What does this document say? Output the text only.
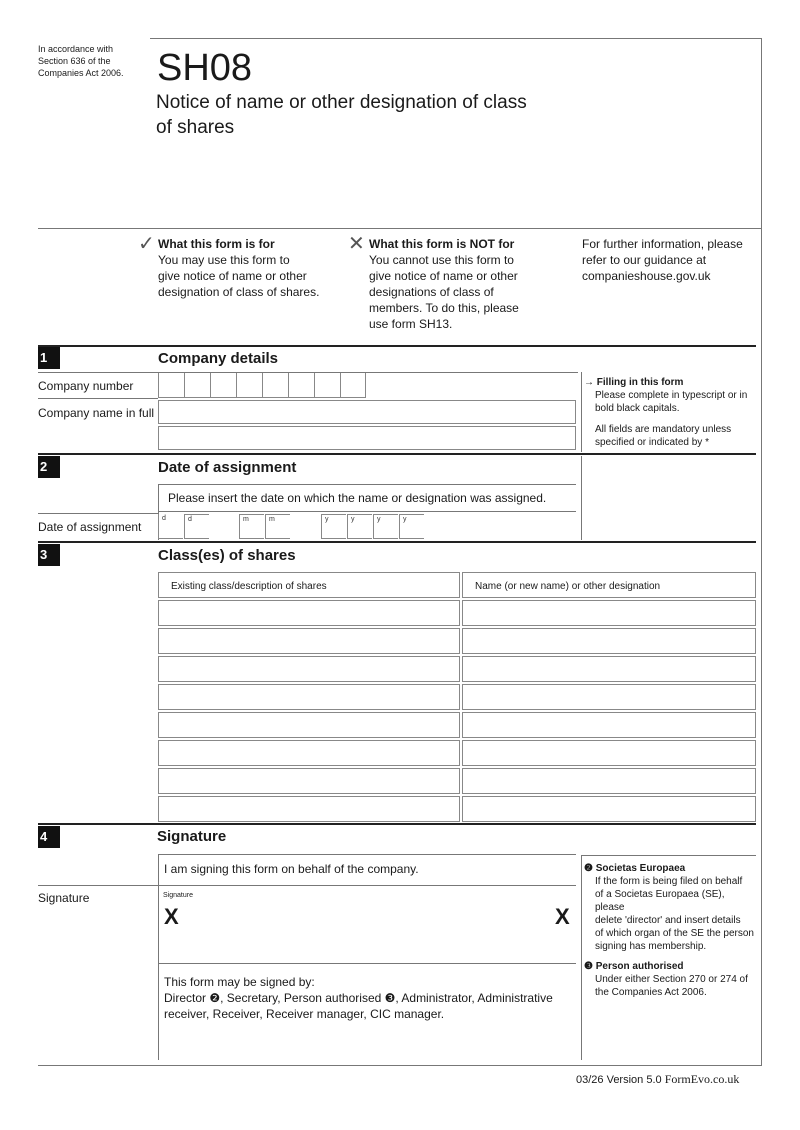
In accordance with
Section 636 of the
Companies Act 2006. SH08
Notice of name or other designation of class
of shares
✓ What this form is for
You may use this form to
give notice of name or other
designation of class of shares.
✕ What this form is NOT for
You cannot use this form to
give notice of name or other
designations of class of
members. To do this, please
use form SH13.
For further information, please
refer to our guidance at
companieshouse.gov.uk
1	Company details
Company number
Company name in full
→ Filling in this form
Please complete in typescript or in
bold black capitals.
All fields are mandatory unless
specified or indicated by *
2	Date of assignment
Please insert the date on which the name or designation was assigned.
Date of assignment
d	d	m	m	y	y	y	y
3	Class(es) of shares
Existing class/description of shares	Name (or new name) or other designation
4	Signature
I am signing this form on behalf of the company.
Signature	Signature
X	X
This form may be signed by:
Director ❷, Secretary, Person authorised ❸, Administrator, Administrative
receiver, Receiver, Receiver manager, CIC manager.
❷ Societas Europaea
If the form is being filed on behalf
of a Societas Europaea (SE), please
delete 'director' and insert details
of which organ of the SE the person
signing has membership.
❸ Person authorised
Under either Section 270 or 274 of
the Companies Act 2006.
03/26 Version 5.0 FormEvo.co.uk
